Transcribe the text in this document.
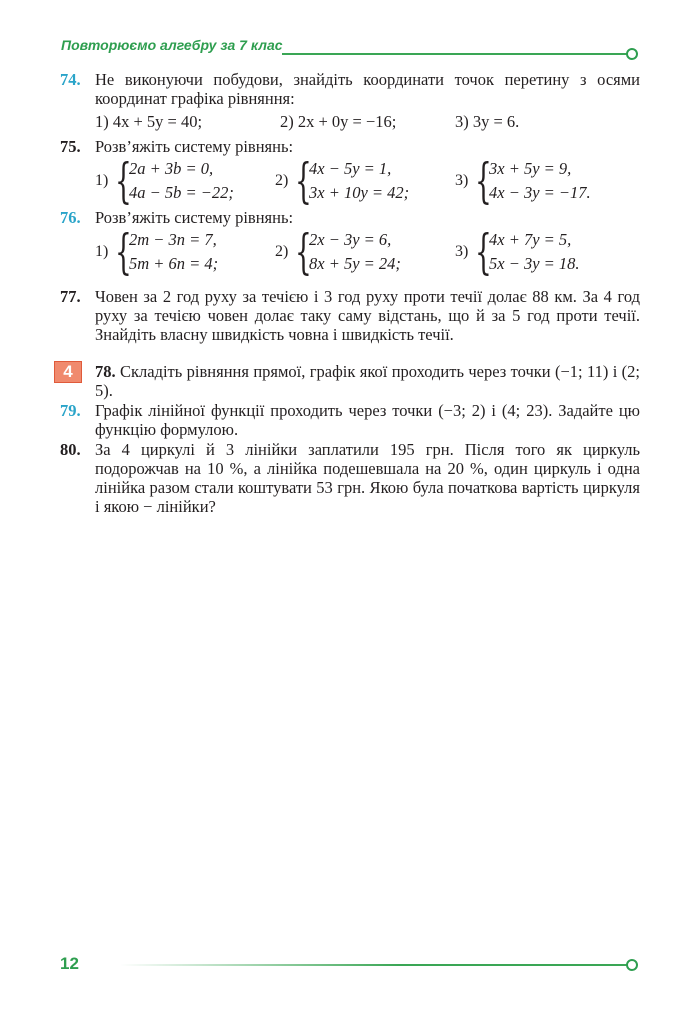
Повторюємо алгебру за 7 клас
74. Не виконуючи побудови, знайдіть координати точок перетину з осями координат графіка рівняння:
1) 4x + 5y = 40;	2) 2x + 0y = −16;	3) 3y = 6.
75. Розв’яжіть систему рівнянь:
1) {
2a + 3b = 0,
4a − 5b = −22;
2) {
4x − 5y = 1,
3x + 10y = 42;
3) {
3x + 5y = 9,
4x − 3y = −17.
76. Розв’яжіть систему рівнянь:
1) {
2m − 3n = 7,
5m + 6n = 4;
2) {
2x − 3y = 6,
8x + 5y = 24;
3) {
4x + 7y = 5,
5x − 3y = 18.
77. Човен за 2 год руху за течією і 3 год руху проти течії долає 88 км. За 4 год руху за течією човен долає таку саму відстань, що й за 5 год проти течії. Знайдіть власну швидкість човна і швидкість течії.
4	78. Складіть рівняння прямої, графік якої проходить через точки (−1; 11) і (2; 5).
79. Графік лінійної функції проходить через точки (−3; 2) і (4; 23). Задайте цю функцію формулою.
80. За 4 циркулі й 3 лінійки заплатили 195 грн. Після того як циркуль подорожчав на 10 %, а лінійка подешевшала на 20 %, один циркуль і одна лінійка разом стали коштувати 53 грн. Якою була початкова вартість циркуля і якою − лінійки?
12
